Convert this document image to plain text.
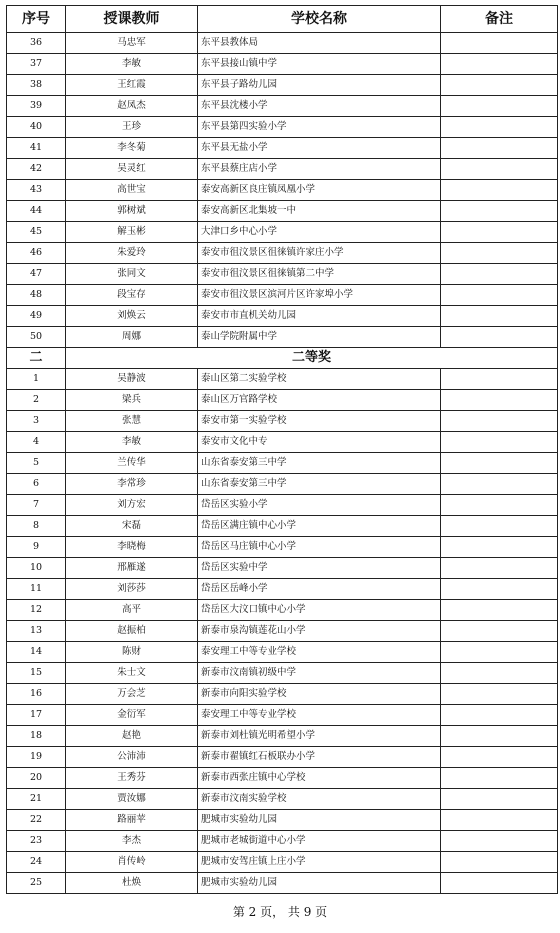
序号	授课教师	学校名称	备注
36	马忠军	东平县教体局	
37	李敏	东平县接山镇中学	
38	王红霞	东平县子路幼儿园	
39	赵凤杰	东平县沈楼小学	
40	王珍	东平县第四实验小学	
41	李冬菊	东平县无盐小学	
42	吴灵红	东平县蔡庄店小学	
43	高世宝	泰安高新区良庄镇凤凰小学	
44	郭树斌	泰安高新区北集坡一中	
45	解玉彬	大津口乡中心小学	
46	朱爱玲	泰安市徂汶景区徂徕镇许家庄小学	
47	张同文	泰安市徂汶景区徂徕镇第二中学	
48	段宝存	泰安市徂汶景区滨河片区许家埠小学	
49	刘焕云	泰安市市直机关幼儿园	
50	周娜	泰山学院附属中学	
二	二等奖		
1	吴静波	泰山区第二实验学校	
2	梁兵	泰山区万官路学校	
3	张慧	泰安市第一实验学校	
4	李敏	泰安市文化中专	
5	兰传华	山东省泰安第三中学	
6	李常珍	山东省泰安第三中学	
7	刘方宏	岱岳区实验小学	
8	宋磊	岱岳区满庄镇中心小学	
9	李晓梅	岱岳区马庄镇中心小学	
10	邢雁遂	岱岳区实验中学	
11	刘莎莎	岱岳区岳峰小学	
12	高平	岱岳区大汶口镇中心小学	
13	赵振柏	新泰市泉沟镇莲花山小学	
14	陈财	泰安理工中等专业学校	
15	朱士文	新泰市汶南镇初级中学	
16	万会芝	新泰市向阳实验学校	
17	金衍军	泰安理工中等专业学校	
18	赵艳	新泰市刘杜镇光明希望小学	
19	公沛沛	新泰市翟镇红石板联办小学	
20	王秀芬	新泰市西张庄镇中心学校	
21	贾汝娜	新泰市汶南实验学校	
22	路丽苹	肥城市实验幼儿园	
23	李杰	肥城市老城街道中心小学	
24	肖传岭	肥城市安驾庄镇上庄小学	
25	杜焕	肥城市实验幼儿园	
第 2 页， 共 9 页
